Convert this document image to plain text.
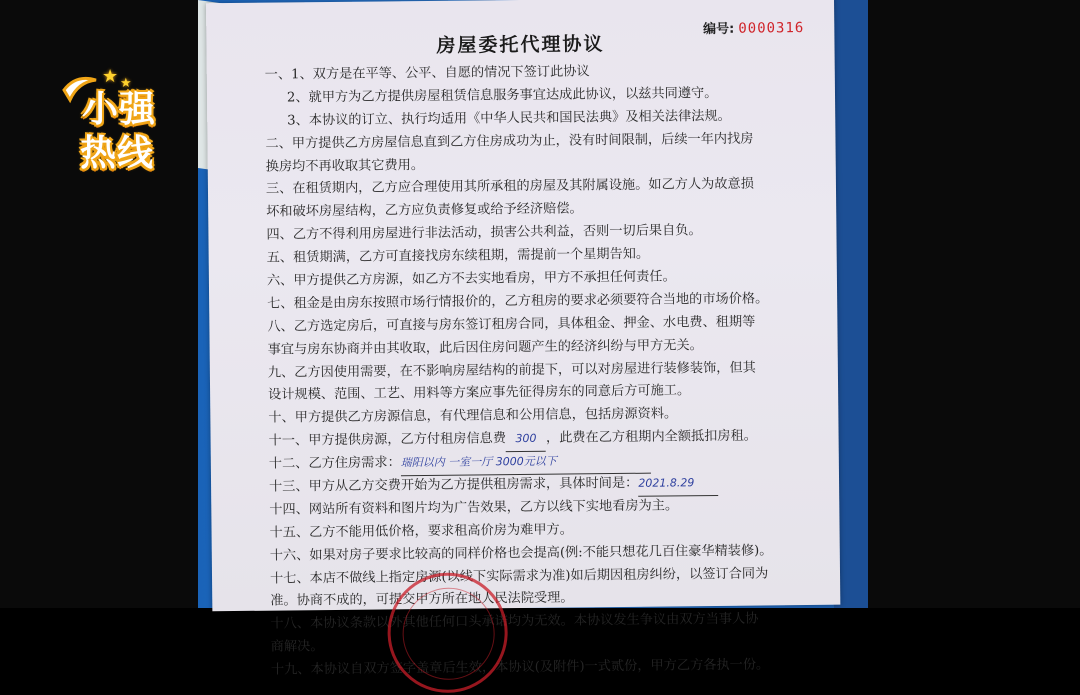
编号: 0000316
房屋委托代理协议
一、1、双方是在平等、公平、自愿的情况下签订此协议
2、就甲方为乙方提供房屋租赁信息服务事宜达成此协议，以兹共同遵守。
3、本协议的订立、执行均适用《中华人民共和国民法典》及相关法律法规。
二、甲方提供乙方房屋信息直到乙方住房成功为止，没有时间限制，后续一年内找房
换房均不再收取其它费用。
三、在租赁期内，乙方应合理使用其所承租的房屋及其附属设施。如乙方人为故意损
坏和破坏房屋结构，乙方应负责修复或给予经济赔偿。
四、乙方不得利用房屋进行非法活动，损害公共利益，否则一切后果自负。
五、租赁期满，乙方可直接找房东续租期，需提前一个星期告知。
六、甲方提供乙方房源，如乙方不去实地看房，甲方不承担任何责任。
七、租金是由房东按照市场行情报价的，乙方租房的要求必须要符合当地的市场价格。
八、乙方选定房后，可直接与房东签订租房合同，具体租金、押金、水电费、租期等
事宜与房东协商并由其收取，此后因住房问题产生的经济纠纷与甲方无关。
九、乙方因使用需要，在不影响房屋结构的前提下，可以对房屋进行装修装饰，但其
设计规模、范围、工艺、用料等方案应事先征得房东的同意后方可施工。
十、甲方提供乙方房源信息，有代理信息和公用信息，包括房源资料。
十一、甲方提供房源，乙方付租房信息费 300 ，此费在乙方租期内全额抵扣房租。
十二、乙方住房需求：瑞阳以内 一室一厅 3000元以下
十三、甲方从乙方交费开始为乙方提供租房需求，具体时间是：2021.8.29
十四、网站所有资料和图片均为广告效果，乙方以线下实地看房为主。
十五、乙方不能用低价格，要求租高价房为难甲方。
十六、如果对房子要求比较高的同样价格也会提高(例:不能只想花几百住豪华精装修)。
十七、本店不做线上指定房源(以线下实际需求为准)如后期因租房纠纷，以签订合同为
准。协商不成的，可提交甲方所在地人民法院受理。
十八、本协议条款以外其他任何口头承诺均为无效。本协议发生争议由双方当事人协
商解决。
十九、本协议自双方签字盖章后生效，本协议(及附件)一式贰份，甲方乙方各执一份。
★ ★
小强
热线
